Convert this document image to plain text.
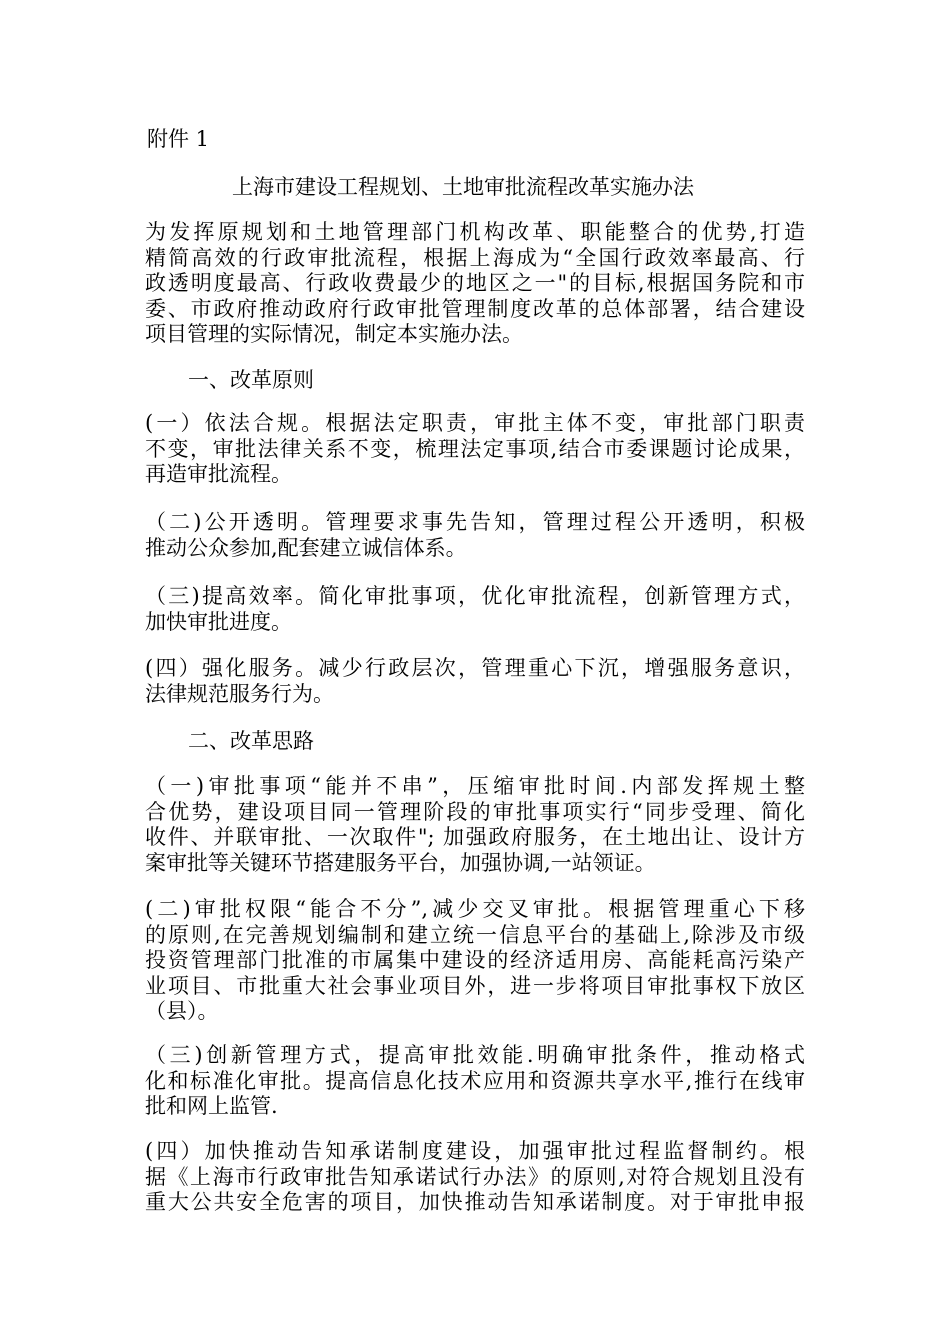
附件 1
上海市建设工程规划、土地审批流程改革实施办法
为发挥原规划和土地管理部门机构改革、职能整合的优势,打造
精简高效的行政审批流程，根据上海成为“全国行政效率最高、行
政透明度最高、行政收费最少的地区之一"的目标,根据国务院和市
委、市政府推动政府行政审批管理制度改革的总体部署，结合建设
项目管理的实际情况，制定本实施办法。
一、改革原则
(一）依法合规。根据法定职责，审批主体不变，审批部门职责
不变，审批法律关系不变，梳理法定事项,结合市委课题讨论成果，
再造审批流程。
（二)公开透明。管理要求事先告知，管理过程公开透明，积极
推动公众参加,配套建立诚信体系。
（三)提高效率。简化审批事项，优化审批流程，创新管理方式，
加快审批进度。
(四）强化服务。减少行政层次，管理重心下沉，增强服务意识，
法律规范服务行为。
二、改革思路
（一)审批事项“能并不串”，压缩审批时间.内部发挥规土整
合优势，建设项目同一管理阶段的审批事项实行“同步受理、简化
收件、并联审批、一次取件"; 加强政府服务，在土地出让、设计方
案审批等关键环节搭建服务平台，加强协调,一站领证。
(二)审批权限“能合不分”,减少交叉审批。根据管理重心下移
的原则,在完善规划编制和建立统一信息平台的基础上,除涉及市级
投资管理部门批准的市属集中建设的经济适用房、高能耗高污染产
业项目、市批重大社会事业项目外，进一步将项目审批事权下放区
（县）。
（三)创新管理方式，提高审批效能.明确审批条件，推动格式
化和标准化审批。提高信息化技术应用和资源共享水平,推行在线审
批和网上监管.
(四）加快推动告知承诺制度建设，加强审批过程监督制约。根
据《上海市行政审批告知承诺试行办法》的原则,对符合规划且没有
重大公共安全危害的项目，加快推动告知承诺制度。对于审批申报
